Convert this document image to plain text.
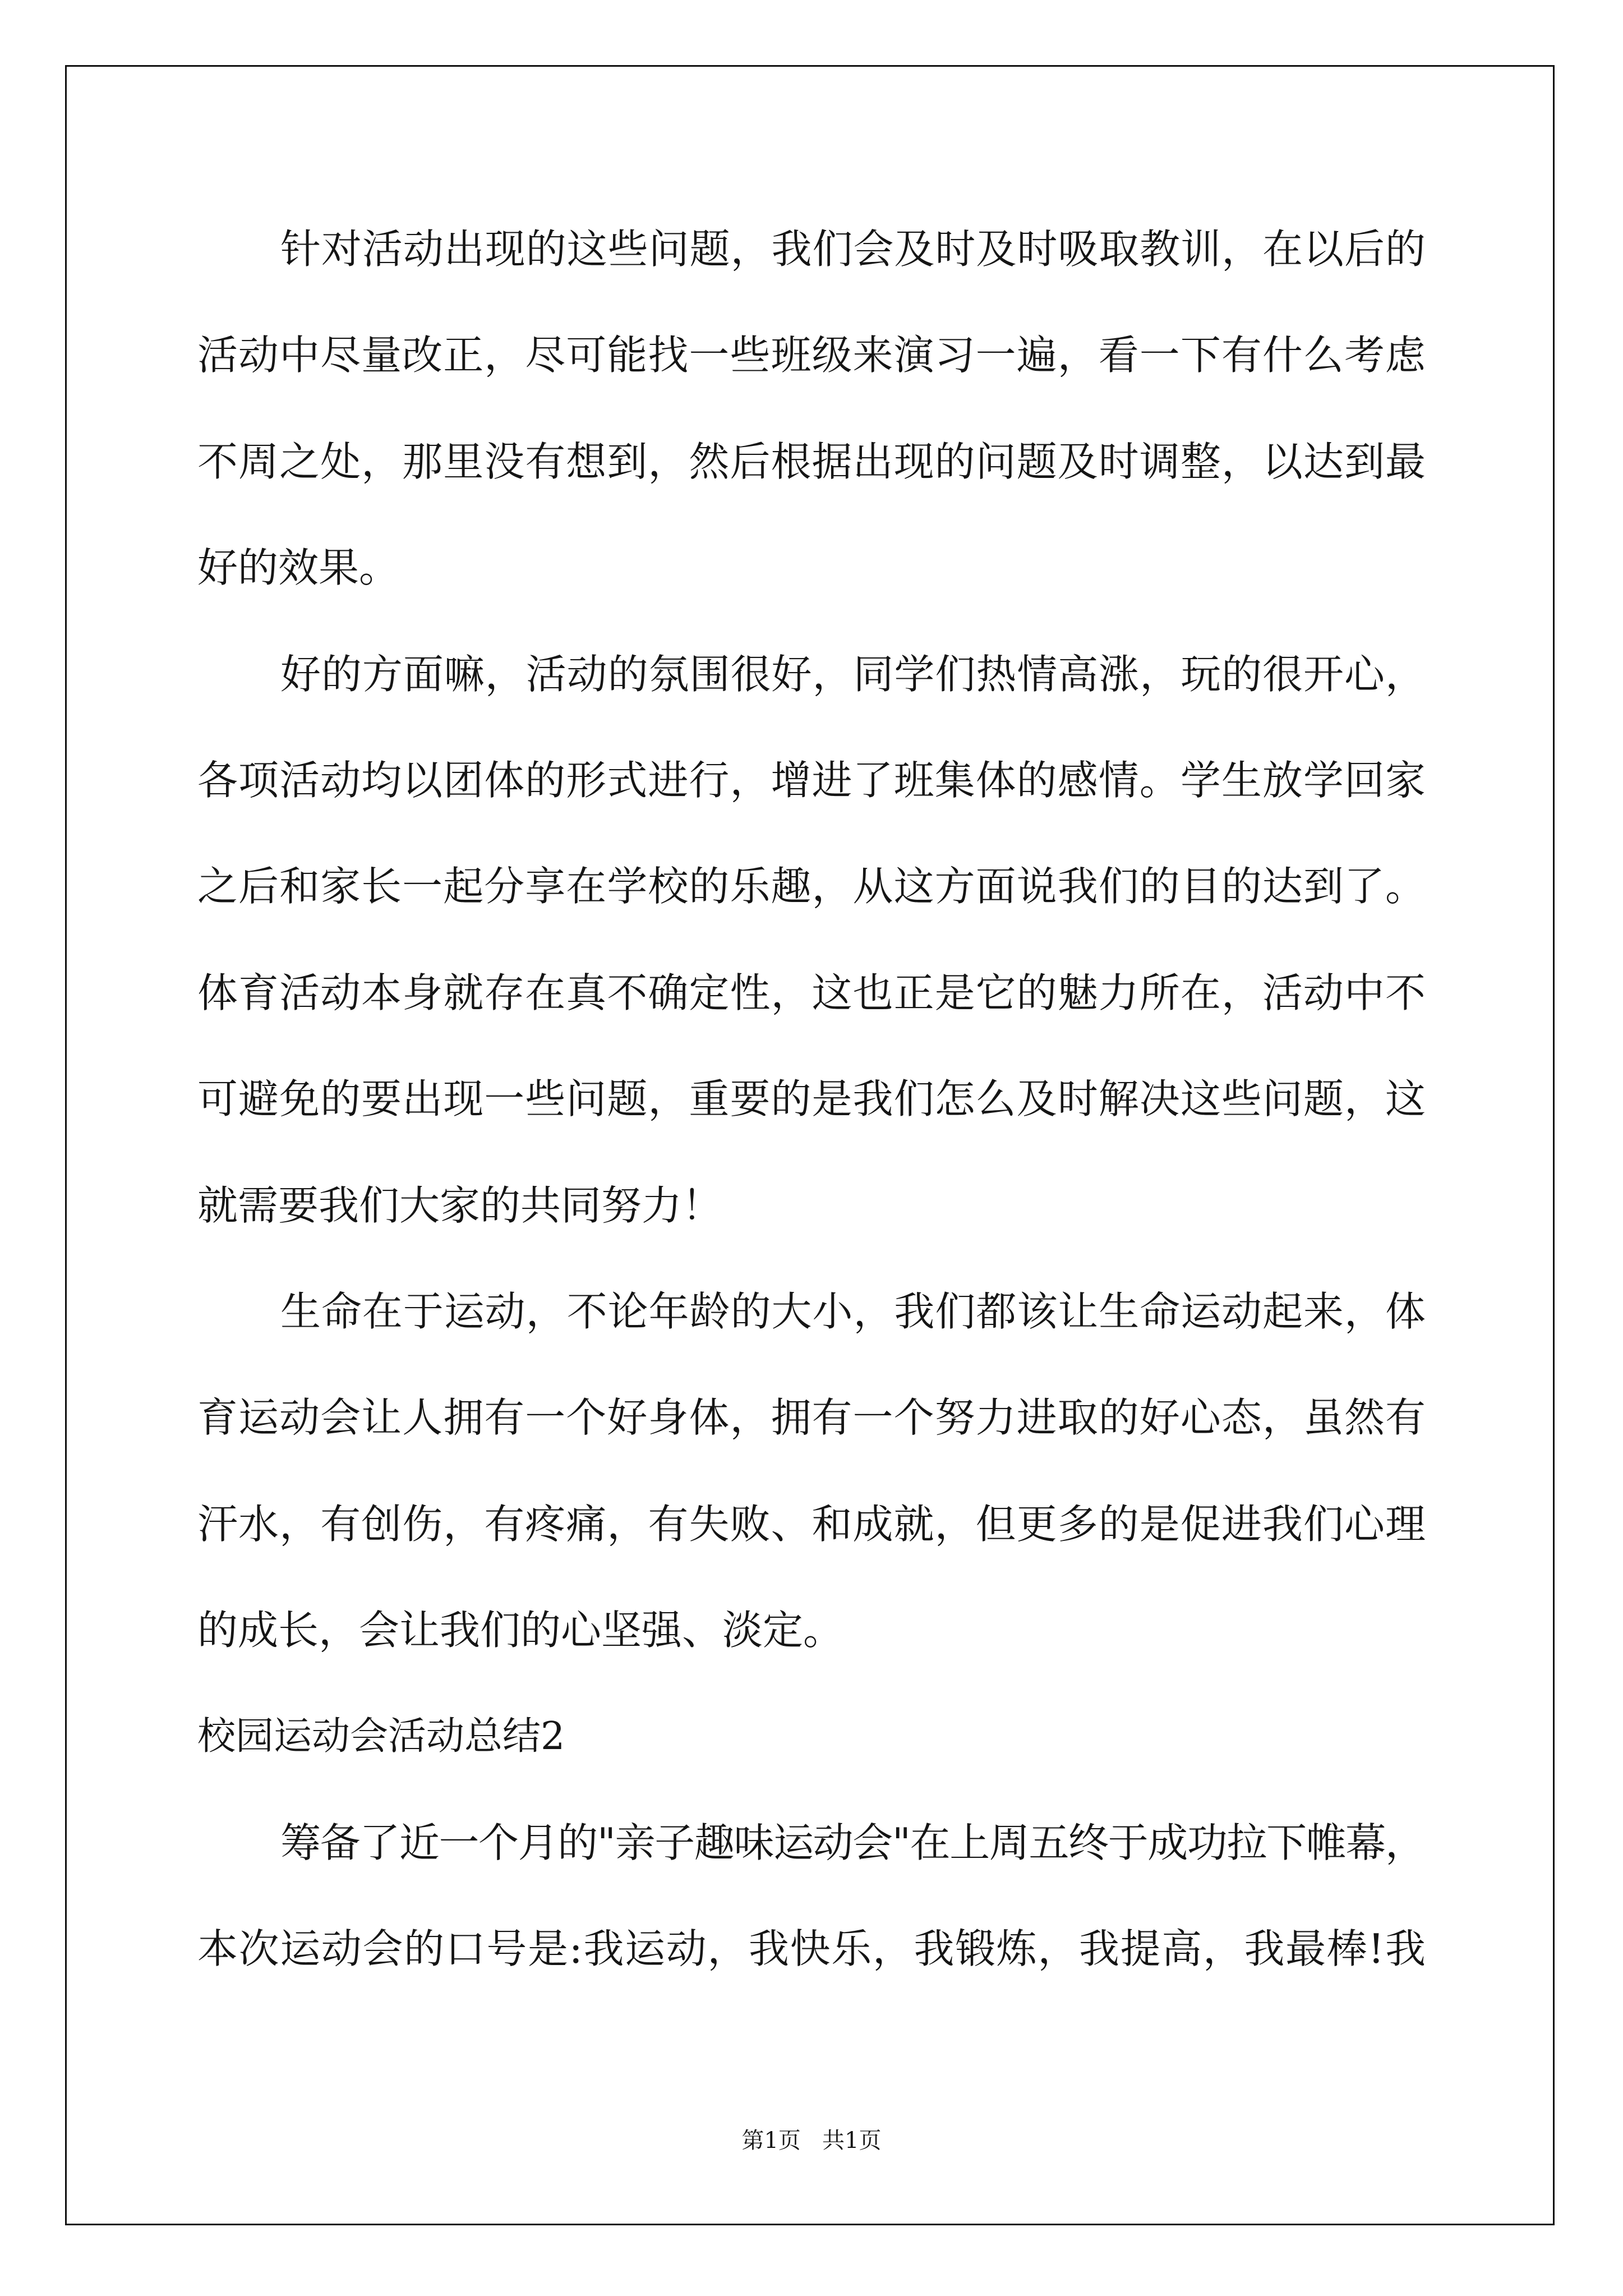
针对活动出现的这些问题，我们会及时及时吸取教训，在以后的
活动中尽量改正，尽可能找一些班级来演习一遍，看一下有什么考虑
不周之处，那里没有想到，然后根据出现的问题及时调整，以达到最
好的效果。
好的方面嘛，活动的氛围很好，同学们热情高涨，玩的很开心，
各项活动均以团体的形式进行，增进了班集体的感情。学生放学回家
之后和家长一起分享在学校的乐趣，从这方面说我们的目的达到了。
体育活动本身就存在真不确定性，这也正是它的魅力所在，活动中不
可避免的要出现一些问题，重要的是我们怎么及时解决这些问题，这
就需要我们大家的共同努力！
生命在于运动，不论年龄的大小，我们都该让生命运动起来，体
育运动会让人拥有一个好身体，拥有一个努力进取的好心态，虽然有
汗水，有创伤，有疼痛，有失败、和成就，但更多的是促进我们心理
的成长，会让我们的心坚强、淡定。
校园运动会活动总结2
筹备了近一个月的"亲子趣味运动会"在上周五终于成功拉下帷幕，
本次运动会的口号是:我运动，我快乐，我锻炼，我提高，我最棒!我
第1页   共1页
